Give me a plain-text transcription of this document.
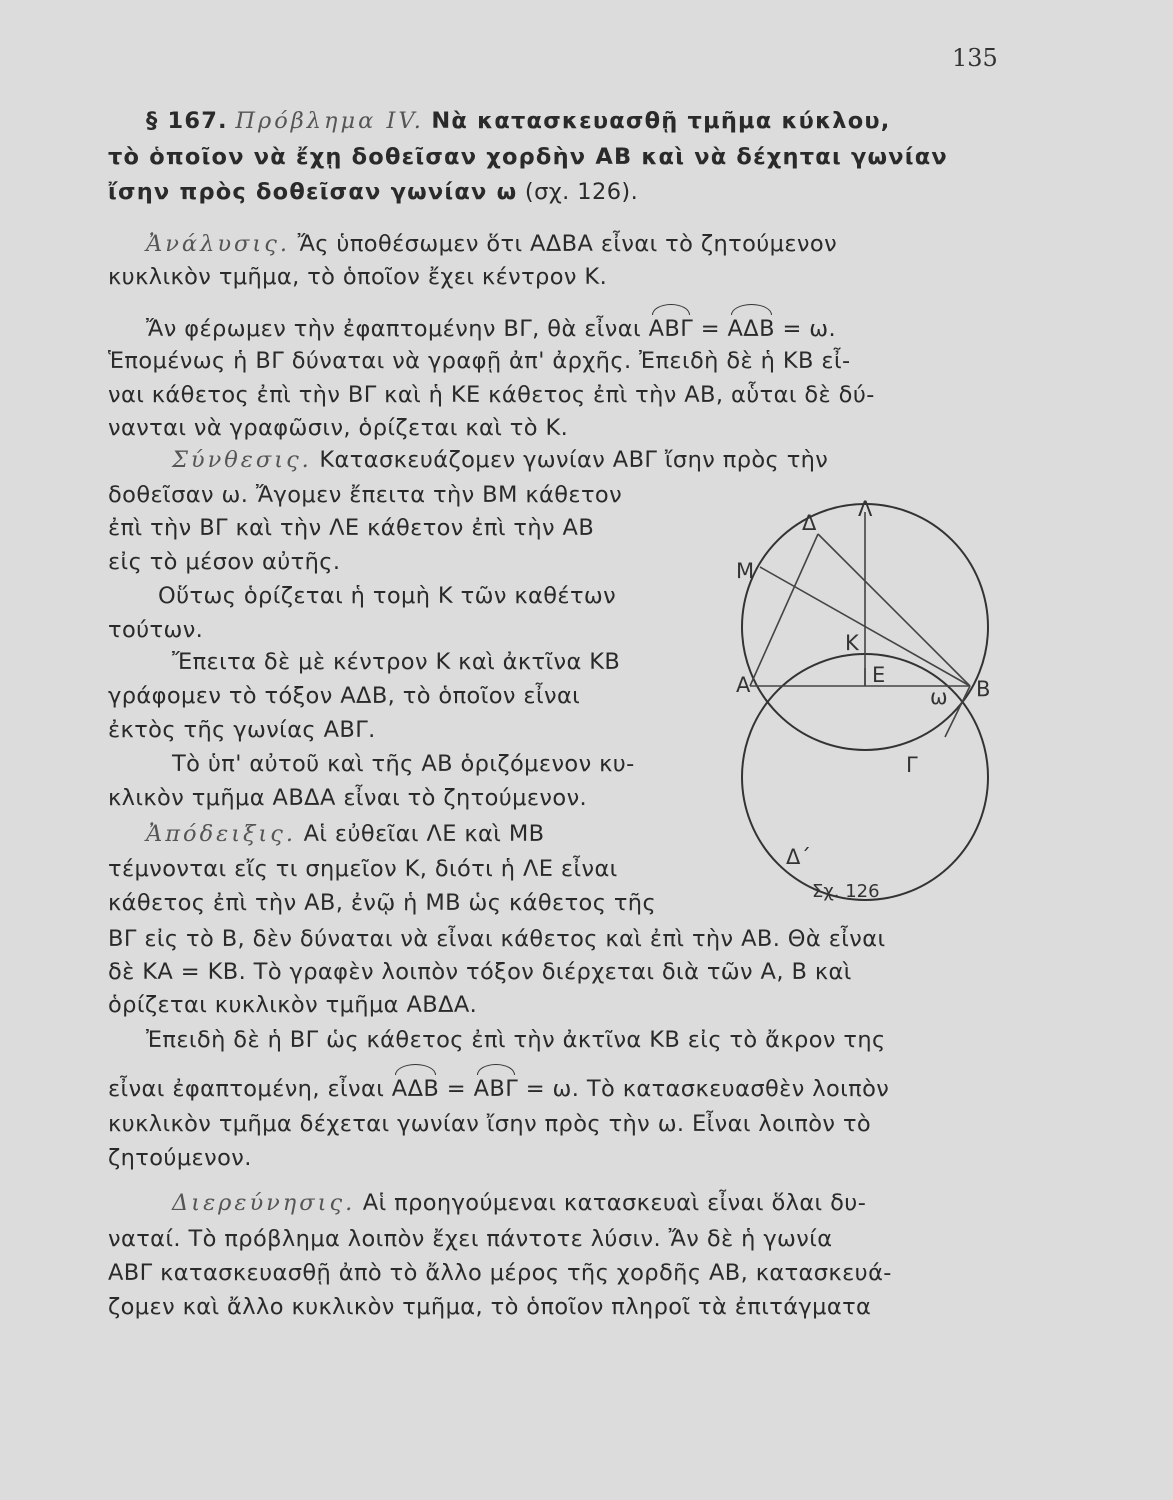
135
§ 167. Πρόβλημα IV. Νὰ κατασκευασθῇ τμῆμα κύκλου,
τὸ ὁποῖον νὰ ἔχῃ δοθεῖσαν χορδὴν ΑΒ καὶ νὰ δέχηται γωνίαν
ἴσην πρὸς δοθεῖσαν γωνίαν ω (σχ. 126).
Ἀνάλυσις. Ἄς ὑποθέσωμεν ὅτι ΑΔΒΑ εἶναι τὸ ζητούμενον
κυκλικὸν τμῆμα, τὸ ὁποῖον ἔχει κέντρον Κ.
Ἄν φέρωμεν τὴν ἐφαπτομένην ΒΓ, θὰ εἶναι ΑΒΓ = ΑΔΒ = ω.
Ἑπομένως ἡ ΒΓ δύναται νὰ γραφῇ ἀπ' ἀρχῆς. Ἐπειδὴ δὲ ἡ ΚΒ εἶ-
ναι κάθετος ἐπὶ τὴν ΒΓ καὶ ἡ ΚΕ κάθετος ἐπὶ τὴν ΑΒ, αὗται δὲ δύ-
νανται νὰ γραφῶσιν, ὁρίζεται καὶ τὸ Κ.
Σύνθεσις. Κατασκευάζομεν γωνίαν ΑΒΓ ἴσην πρὸς τὴν
δοθεῖσαν ω. Ἄγομεν ἔπειτα τὴν ΒΜ κάθετον
ἐπὶ τὴν ΒΓ καὶ τὴν ΛΕ κάθετον ἐπὶ τὴν ΑΒ
εἰς τὸ μέσον αὐτῆς.
Οὕτως ὁρίζεται ἡ τομὴ Κ τῶν καθέτων
τούτων.
Ἔπειτα δὲ μὲ κέντρον Κ καὶ ἀκτῖνα ΚΒ
γράφομεν τὸ τόξον ΑΔΒ, τὸ ὁποῖον εἶναι
ἐκτὸς τῆς γωνίας ΑΒΓ.
Τὸ ὑπ' αὐτοῦ καὶ τῆς ΑΒ ὁριζόμενον κυ-
κλικὸν τμῆμα ΑΒΔΑ εἶναι τὸ ζητούμενον.
Ἀπόδειξις. Αἱ εὐθεῖαι ΛΕ καὶ ΜΒ
τέμνονται εἴς τι σημεῖον Κ, διότι ἡ ΛΕ εἶναι
κάθετος ἐπὶ τὴν ΑΒ, ἐνῷ ἡ ΜΒ ὡς κάθετος τῆς
ΒΓ εἰς τὸ Β, δὲν δύναται νὰ εἶναι κάθετος καὶ ἐπὶ τὴν ΑΒ. Θὰ εἶναι
δὲ ΚΑ = ΚΒ. Τὸ γραφὲν λοιπὸν τόξον διέρχεται διὰ τῶν Α, Β καὶ
ὁρίζεται κυκλικὸν τμῆμα ΑΒΔΑ.
Ἐπειδὴ δὲ ἡ ΒΓ ὡς κάθετος ἐπὶ τὴν ἀκτῖνα ΚΒ εἰς τὸ ἄκρον της
εἶναι ἐφαπτομένη, εἶναι ΑΔΒ = ΑΒΓ = ω. Τὸ κατασκευασθὲν λοιπὸν
κυκλικὸν τμῆμα δέχεται γωνίαν ἴσην πρὸς τὴν ω. Εἶναι λοιπὸν τὸ
ζητούμενον.
Διερεύνησις. Αἱ προηγούμεναι κατασκευαὶ εἶναι ὅλαι δυ-
ναταί. Τὸ πρόβλημα λοιπὸν ἔχει πάντοτε λύσιν. Ἄν δὲ ἡ γωνία
ΑΒΓ κατασκευασθῇ ἀπὸ τὸ ἄλλο μέρος τῆς χορδῆς ΑΒ, κατασκευά-
ζομεν καὶ ἄλλο κυκλικὸν τμῆμα, τὸ ὁποῖον πληροῖ τὰ ἐπιτάγματα
Δ
Λ
Μ
Κ
Ε
Α	Β
ω
Γ
Δ΄
Σχ. 126
